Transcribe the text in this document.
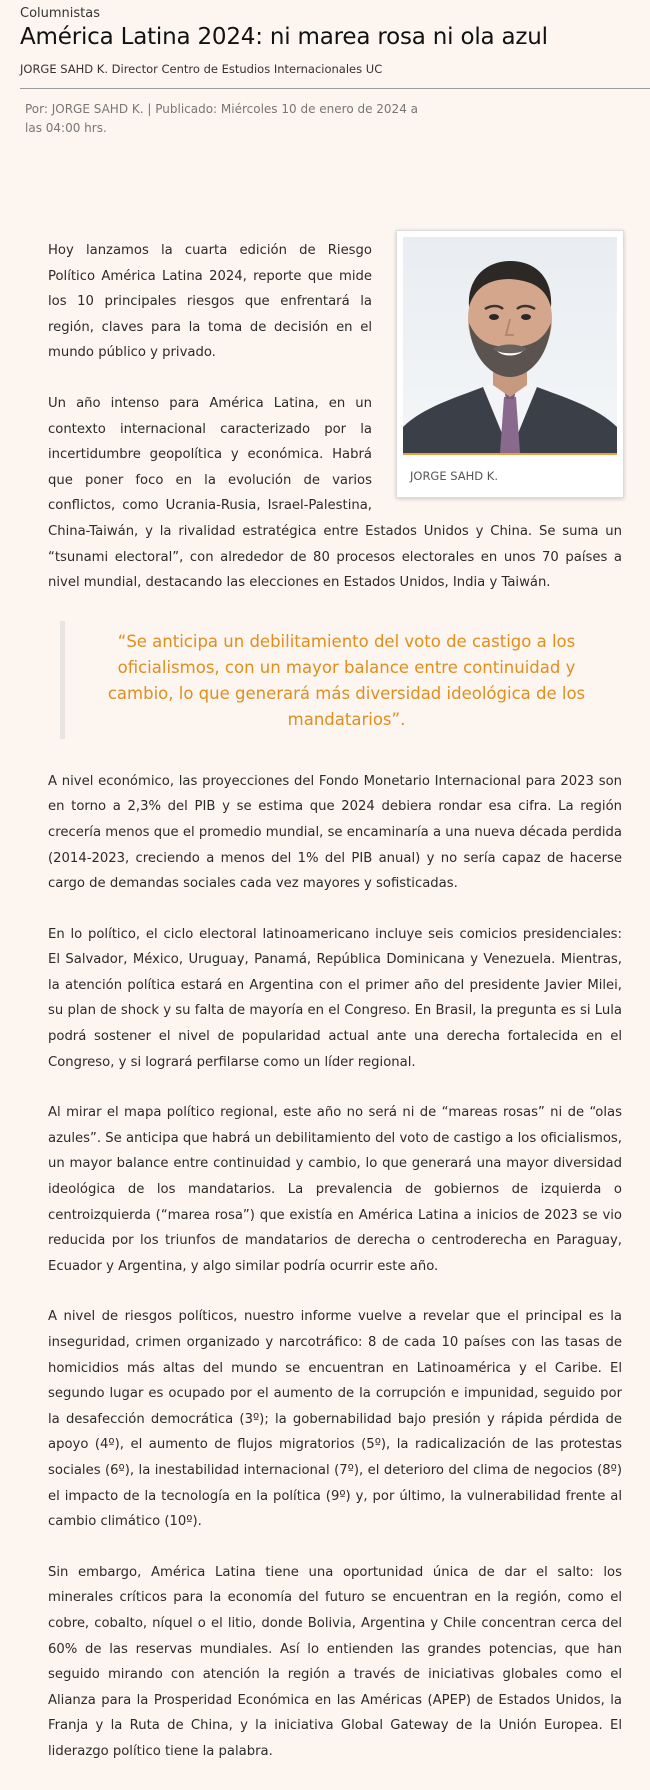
Columnistas
América Latina 2024: ni marea rosa ni ola azul
JORGE SAHD K. Director Centro de Estudios Internacionales UC
Por: JORGE SAHD K. | Publicado: Miércoles 10 de enero de 2024 a las 04:00 hrs.
JORGE SAHD K.

Hoy lanzamos la cuarta edición de Riesgo Político América Latina 2024, reporte que mide los 10 principales riesgos que enfrentará la región, claves para la toma de decisión en el mundo público y privado.

Un año intenso para América Latina, en un contexto internacional caracterizado por la incertidumbre geopolítica y económica. Habrá que poner foco en la evolución de varios conflictos, como Ucrania-Rusia, Israel-Palestina, China-Taiwán, y la rivalidad estratégica entre Estados Unidos y China. Se suma un “tsunami electoral”, con alrededor de 80 procesos electorales en unos 70 países a nivel mundial, destacando las elecciones en Estados Unidos, India y Taiwán.

“Se anticipa un debilitamiento del voto de castigo a los oficialismos, con un mayor balance entre continuidad y cambio, lo que generará más diversidad ideológica de los mandatarios”.

A nivel económico, las proyecciones del Fondo Monetario Internacional para 2023 son en torno a 2,3% del PIB y se estima que 2024 debiera rondar esa cifra. La región crecería menos que el promedio mundial, se encaminaría a una nueva década perdida (2014-2023, creciendo a menos del 1% del PIB anual) y no sería capaz de hacerse cargo de demandas sociales cada vez mayores y sofisticadas.

En lo político, el ciclo electoral latinoamericano incluye seis comicios presidenciales: El Salvador, México, Uruguay, Panamá, República Dominicana y Venezuela. Mientras, la atención política estará en Argentina con el primer año del presidente Javier Milei, su plan de shock y su falta de mayoría en el Congreso. En Brasil, la pregunta es si Lula podrá sostener el nivel de popularidad actual ante una derecha fortalecida en el Congreso, y si logrará perfilarse como un líder regional.

Al mirar el mapa político regional, este año no será ni de “mareas rosas” ni de “olas azules”. Se anticipa que habrá un debilitamiento del voto de castigo a los oficialismos, un mayor balance entre continuidad y cambio, lo que generará una mayor diversidad ideológica de los mandatarios. La prevalencia de gobiernos de izquierda o centroizquierda (“marea rosa”) que existía en América Latina a inicios de 2023 se vio reducida por los triunfos de mandatarios de derecha o centroderecha en Paraguay, Ecuador y Argentina, y algo similar podría ocurrir este año.

A nivel de riesgos políticos, nuestro informe vuelve a revelar que el principal es la inseguridad, crimen organizado y narcotráfico: 8 de cada 10 países con las tasas de homicidios más altas del mundo se encuentran en Latinoamérica y el Caribe. El segundo lugar es ocupado por el aumento de la corrupción e impunidad, seguido por la desafección democrática (3º); la gobernabilidad bajo presión y rápida pérdida de apoyo (4º), el aumento de flujos migratorios (5º), la radicalización de las protestas sociales (6º), la inestabilidad internacional (7º), el deterioro del clima de negocios (8º) el impacto de la tecnología en la política (9º) y, por último, la vulnerabilidad frente al cambio climático (10º).

Sin embargo, América Latina tiene una oportunidad única de dar el salto: los minerales críticos para la economía del futuro se encuentran en la región, como el cobre, cobalto, níquel o el litio, donde Bolivia, Argentina y Chile concentran cerca del 60% de las reservas mundiales. Así lo entienden las grandes potencias, que han seguido mirando con atención la región a través de iniciativas globales como el Alianza para la Prosperidad Económica en las Américas (APEP) de Estados Unidos, la Franja y la Ruta de China, y la iniciativa Global Gateway de la Unión Europea. El liderazgo político tiene la palabra.
